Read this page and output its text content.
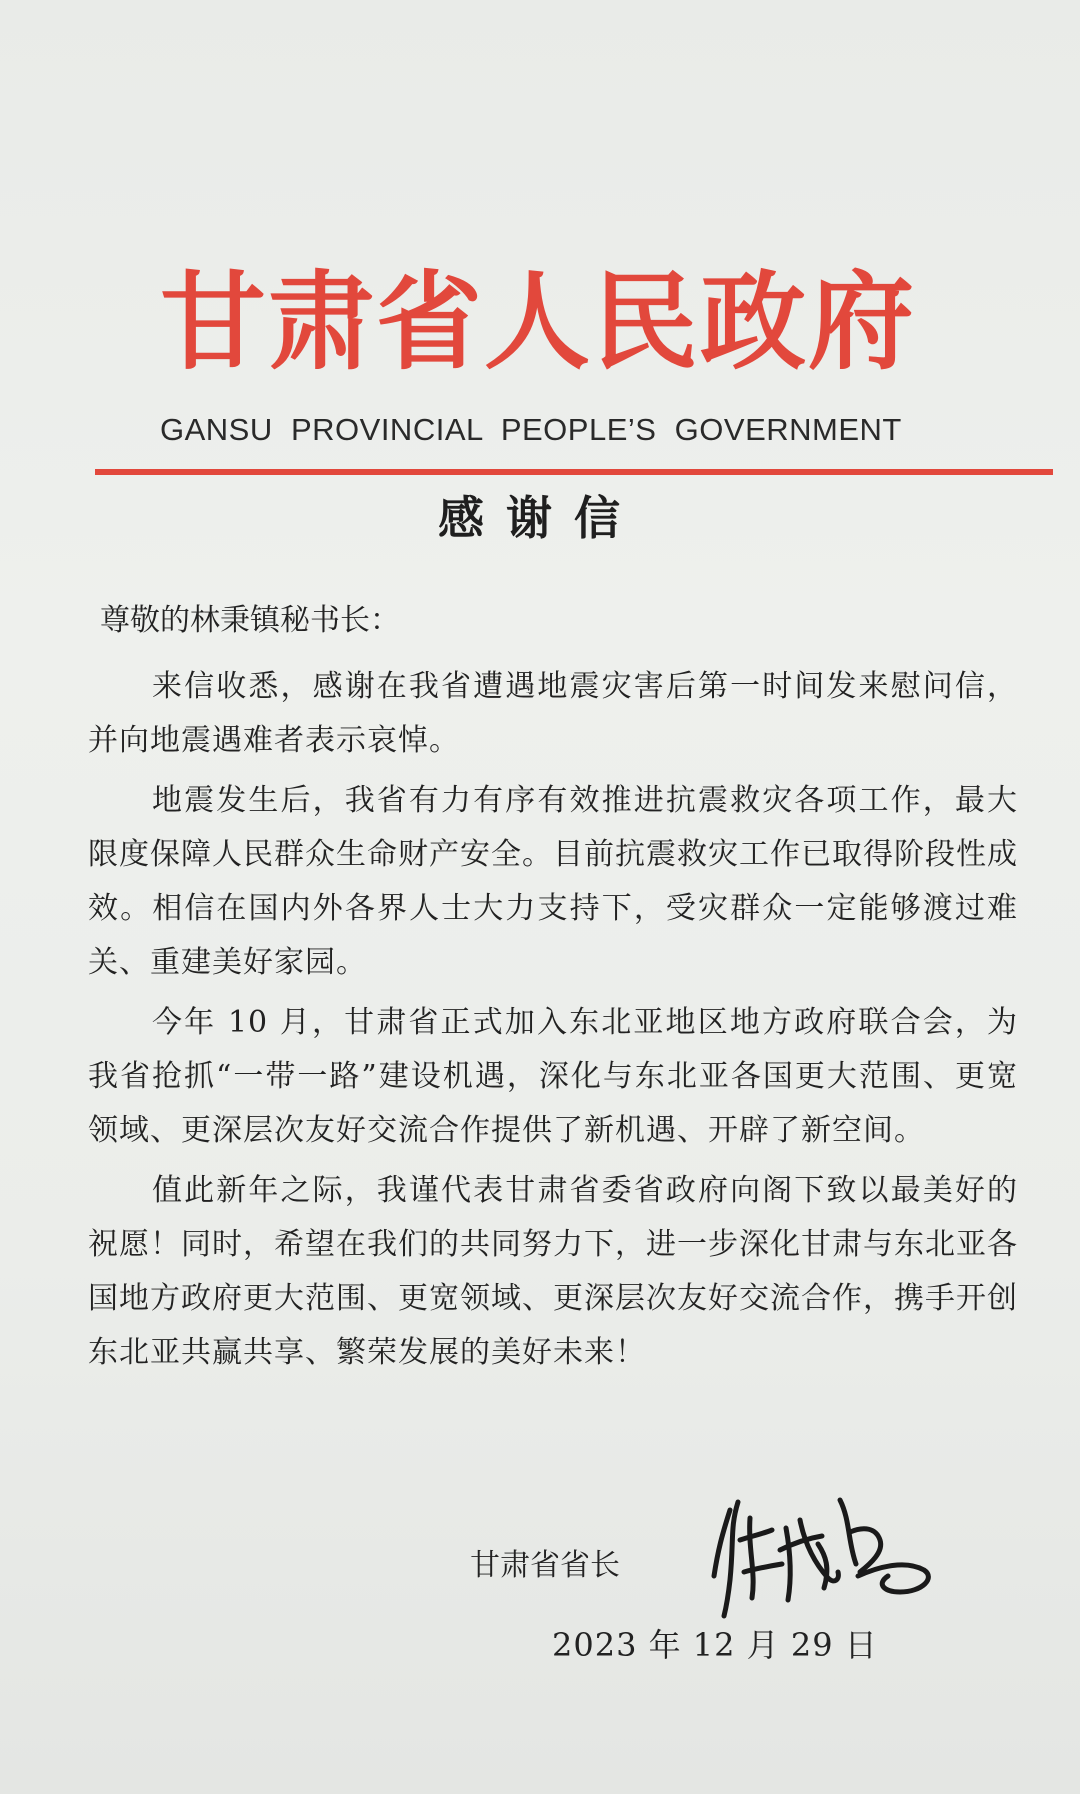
甘肃省人民政府
GANSU  PROVINCIAL  PEOPLE’S  GOVERNMENT
感谢信

尊敬的林秉镇秘书长：

来信收悉，感谢在我省遭遇地震灾害后第一时间发来慰问信，并向地震遇难者表示哀悼。

地震发生后，我省有力有序有效推进抗震救灾各项工作，最大限度保障人民群众生命财产安全。目前抗震救灾工作已取得阶段性成效。相信在国内外各界人士大力支持下，受灾群众一定能够渡过难关、重建美好家园。

今年 10 月，甘肃省正式加入东北亚地区地方政府联合会，为我省抢抓“一带一路”建设机遇，深化与东北亚各国更大范围、更宽领域、更深层次友好交流合作提供了新机遇、开辟了新空间。

值此新年之际，我谨代表甘肃省委省政府向阁下致以最美好的祝愿！同时，希望在我们的共同努力下，进一步深化甘肃与东北亚各国地方政府更大范围、更宽领域、更深层次友好交流合作，携手开创东北亚共赢共享、繁荣发展的美好未来！

甘肃省省长

2023 年 12 月 29 日
